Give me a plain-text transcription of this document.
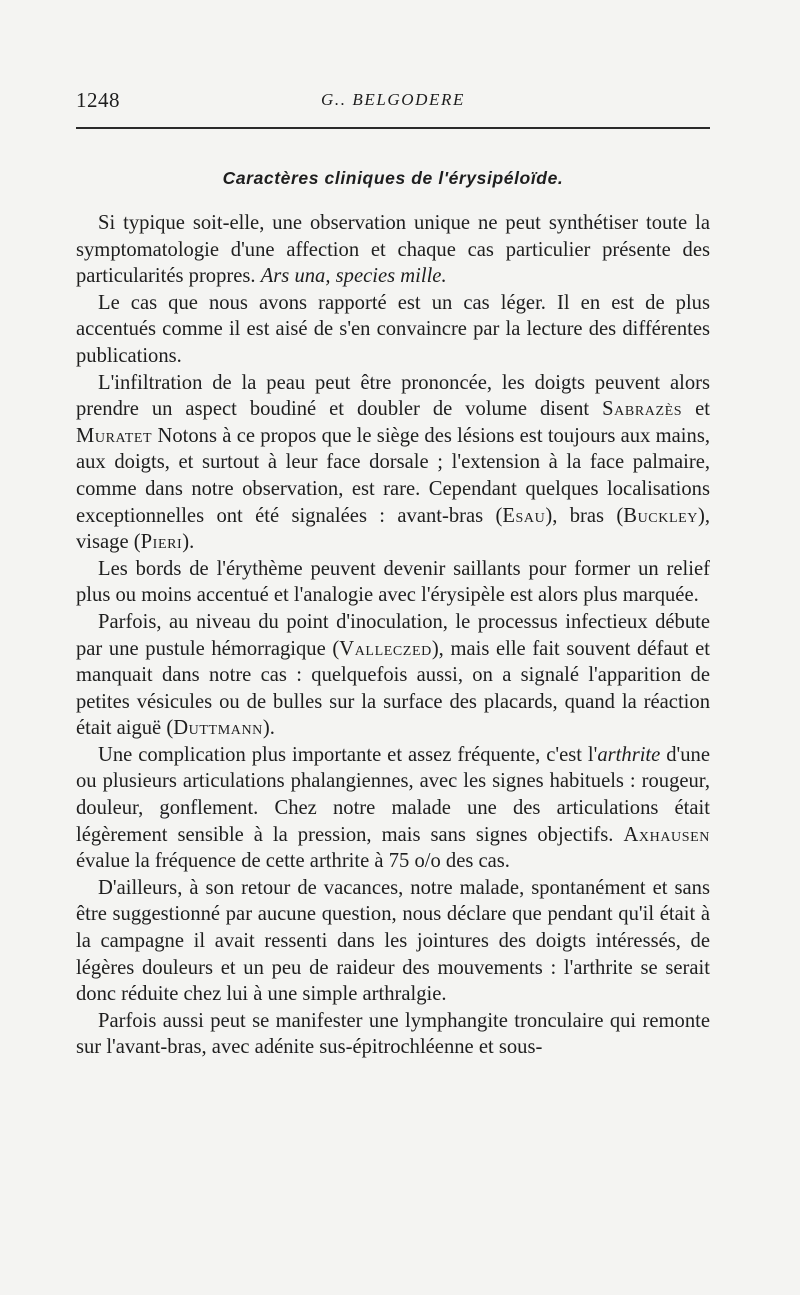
1248	G.. BELGODERE
Caractères cliniques de l'érysipéloïde.

Si typique soit-elle, une observation unique ne peut synthétiser toute la symptomatologie d'une affection et chaque cas particulier présente des particularités propres. Ars una, species mille.

Le cas que nous avons rapporté est un cas léger. Il en est de plus accentués comme il est aisé de s'en convaincre par la lecture des différentes publications.

L'infiltration de la peau peut être prononcée, les doigts peuvent alors prendre un aspect boudiné et doubler de volume disent Sabrazès et Muratet Notons à ce propos que le siège des lésions est toujours aux mains, aux doigts, et surtout à leur face dorsale ; l'extension à la face palmaire, comme dans notre observation, est rare. Cependant quelques localisations exceptionnelles ont été signalées : avant-bras (Esau), bras (Buckley), visage (Pieri).

Les bords de l'érythème peuvent devenir saillants pour former un relief plus ou moins accentué et l'analogie avec l'érysipèle est alors plus marquée.

Parfois, au niveau du point d'inoculation, le processus infectieux débute par une pustule hémorragique (Valleczed), mais elle fait souvent défaut et manquait dans notre cas : quelquefois aussi, on a signalé l'apparition de petites vésicules ou de bulles sur la surface des placards, quand la réaction était aiguë (Duttmann).

Une complication plus importante et assez fréquente, c'est l'arthrite d'une ou plusieurs articulations phalangiennes, avec les signes habituels : rougeur, douleur, gonflement. Chez notre malade une des articulations était légèrement sensible à la pression, mais sans signes objectifs. Axhausen évalue la fréquence de cette arthrite à 75 o/o des cas.

D'ailleurs, à son retour de vacances, notre malade, spontanément et sans être suggestionné par aucune question, nous déclare que pendant qu'il était à la campagne il avait ressenti dans les jointures des doigts intéressés, de légères douleurs et un peu de raideur des mouvements : l'arthrite se serait donc réduite chez lui à une simple arthralgie.

Parfois aussi peut se manifester une lymphangite tronculaire qui remonte sur l'avant-bras, avec adénite sus-épitrochléenne et sous-
